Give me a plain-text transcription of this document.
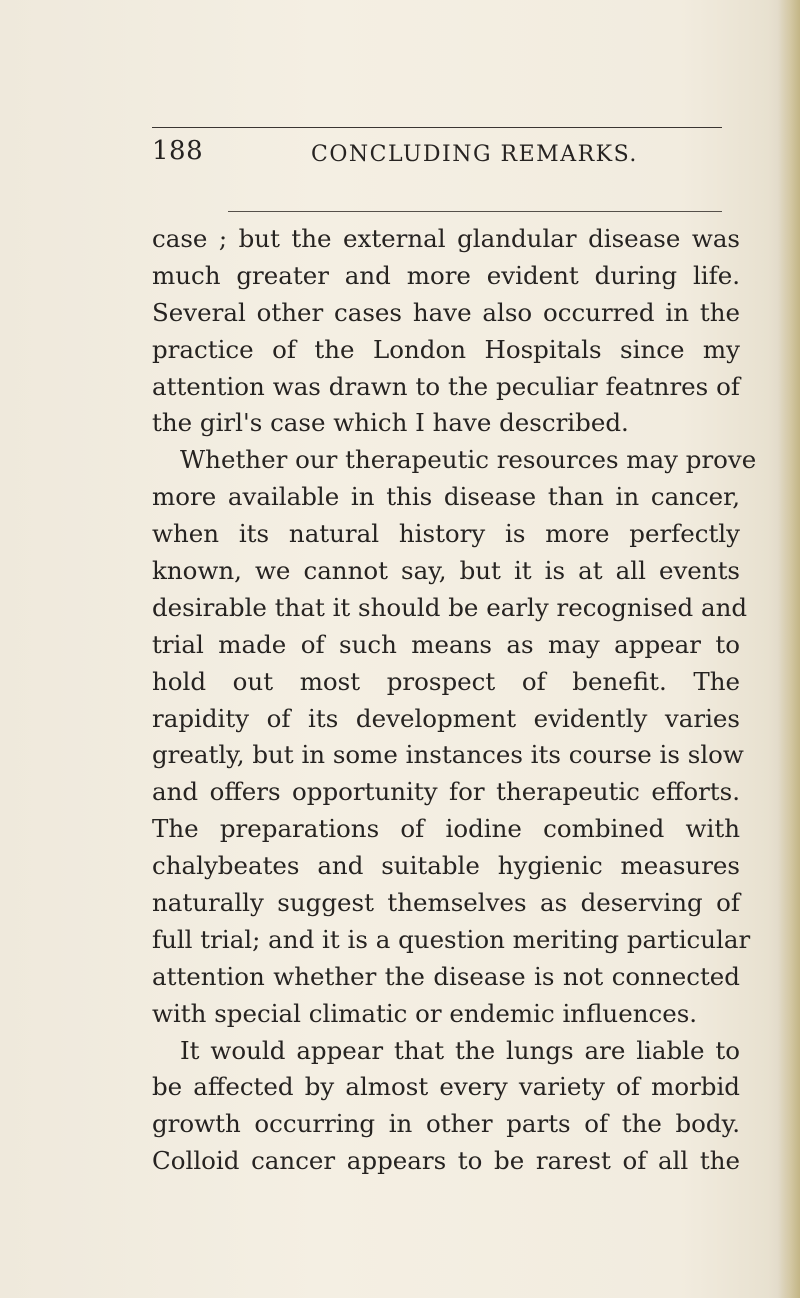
188	CONCLUDING REMARKS.
case ; but the external glandular disease was
much greater and more evident during life.
Several other cases have also occurred in the
practice of the London Hospitals since my
attention was drawn to the peculiar featnres of
the girl's case which I have described.
Whether our therapeutic resources may prove
more available in this disease than in cancer,
when its natural history is more perfectly
known, we cannot say, but it is at all events
desirable that it should be early recognised and
trial made of such means as may appear to
hold out most prospect of benefit. The
rapidity of its development evidently varies
greatly, but in some instances its course is slow
and offers opportunity for therapeutic efforts.
The preparations of iodine combined with
chalybeates and suitable hygienic measures
naturally suggest themselves as deserving of
full trial; and it is a question meriting particular
attention whether the disease is not connected
with special climatic or endemic influences.
It would appear that the lungs are liable to
be affected by almost every variety of morbid
growth occurring in other parts of the body.
Colloid cancer appears to be rarest of all the
